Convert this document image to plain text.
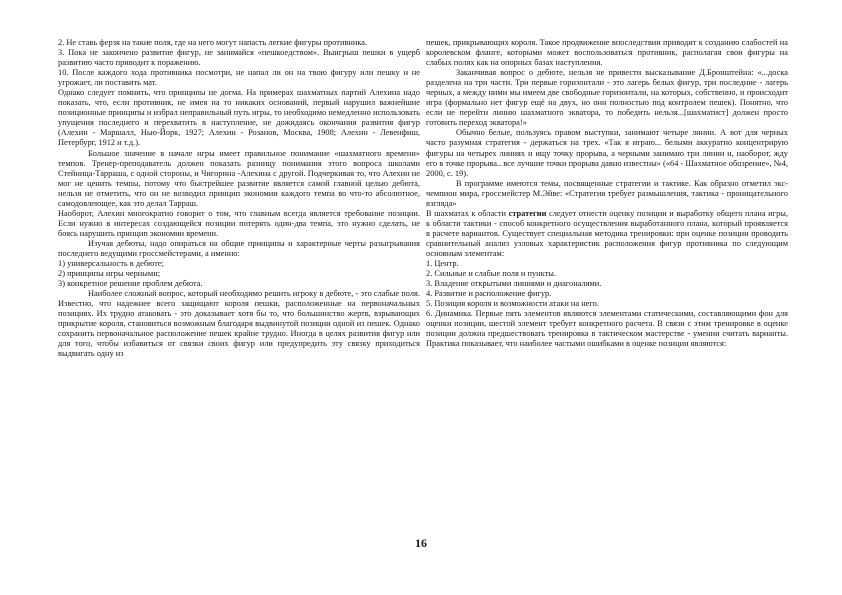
2. Не ставь ферзя на такие поля, где на него могут напасть легкие фигуры противника.

3. Пока не закончено развитие фигур, не занимайся «пешкоедством». Выигрыш пешки в ущерб развитию часто приводит к поражению.

10. После каждого хода противника посмотри, не напал ли он на твою фигуру или пешку и не угрожает, ли поставить мат.

Однако следует помнить, что принципы не догма. На примерах шахматных партий Алехина надо показать, что, если противник, не имея на то никаких оснований, первый нарушил важнейшие позиционные принципы и избрал неправильный путь игры, то необходимо немедленно использовать упущения последнего и перехватить в наступление, не дожидаясь окончания развития фигур (Алехин - Маршалл, Нью-Йорк, 1927; Алехин - Розанов, Москва, 1908; Алехин - Левенфиш, Петербург, 1912 и т.д.).

Большое значение в начале игры имеет правильное понимание «шахматного времени» темпов. Тренер-преподаватель должен показать разницу понимания этого вопроса школами Стейница-Тарраша, с одной стороны, и Чигорина -Алехина с другой. Подчеркивая то, что Алехин не мог не ценить темпы, потому что быстрейшее развитие является самой главной целью дебюта, нельзя не отметить, что он не возводил принцип экономии каждого темпа во что-то абсолютное, самодовлеющее, как это делал Тарраш.

Наоборот, Алехин многократно говорит о том, что главным всегда является требование позиции. Если нужно в интересах создающейся позиции потерять один-два темпа, это нужно сделать, не боясь нарушить принцип экономии времени.

Изучая дебюты, надо опираться на общие принципы и характерные черты разыгрывания последнего ведущими гроссмейстерами, а именно:

1) универсальность в дебюте;

2) принципы игры черными;

3) конкретное решение проблем дебюта.

Наиболее сложный вопрос, который необходимо решить игроку в дебюте, - это слабые поля. Известно, что надежнее всего защищают короля пешки, расположенные на первоначальных позициях. Их трудно атаковать - это доказывает хотя бы то, что большинство жертв, взрывающих прикрытие короля, становиться возможным благодаря выдвинутой позиции одной из пешек. Однако сохранить первоначальное расположение пешек крайне трудно. Иногда в целях развития фигур или для того, чтобы избавиться от связки своих фигур или предупредить эту связку приходиться выдвигать одну из

пешек, прикрывающих короля. Такое продвижение впоследствии приводит к созданию слабостей на королевском фланге, которыми может воспользоваться противник, располагая свои фигуры на слабых полях как на опорных базах наступления.

Заканчивая вопрос о дебюте, нельзя не привести высказывание Д.Бронштейна: «...доска разделена на три части. Три первые горизонтали - это лагерь белых фигур, три последние - лагерь черных, а между ними мы имеем две свободные горизонтали, на которых, собственно, и происходит игра (формально нет фигур ещё на двух, но они полностью под контролем пешек). Понятно, что если не перейти линию шахматного экватора, то победить нельзя...[шахматист] должен просто готовить переход экватора!»

Обычно белые, пользуясь правом выступки, занимают четыре линии. А вот для черных часто разумная стратегия - держаться на трех. «Так я играю... белыми аккуратно концентрирую фигуры на четырех линиях и ищу точку прорыва, а черными занимаю три линии и, наоборот, жду его в точке прорыва.. все лучшие точки прорыва давно известны» («64 - Шахматное обозрение», №4, 2000, с. 19).

В программе имеются темы, посвященные стратегии и тактике. Как образно отметил экс-чемпион мира, гроссмейстер М.Эйве: «Стратегия требует размышления, тактика - проницательного взгляда»

В шахматах к области стратегии следует отнести оценку позиции и выработку общего плана игры, к области тактики - способ конкретного осуществления выработанного плана, который проявляется в расчете вариантов. Существует специальная методика тренировки: при оценке позиции проводить сравнительный анализ узловых характеристик расположения фигур противника по следующим основным элементам:

1. Центр.

2. Сильные и слабые поля и пункты.

3. Владение открытыми линиями и диагоналями.

4. Развитие и расположение фигур.

5. Позиция короля и возможности атаки на него.

6. Динамика. Первые пять элементов являются элементами статическими, составляющими фон для оценки позиции, шестой элемент требует конкретного расчета. В связи с этим тренировке в оценке позиции должна предшествовать тренировка в тактическом мастерстве - умении считать варианты. Практика показывает, что наиболее частыми ошибками в оценке позиции являются:

16
